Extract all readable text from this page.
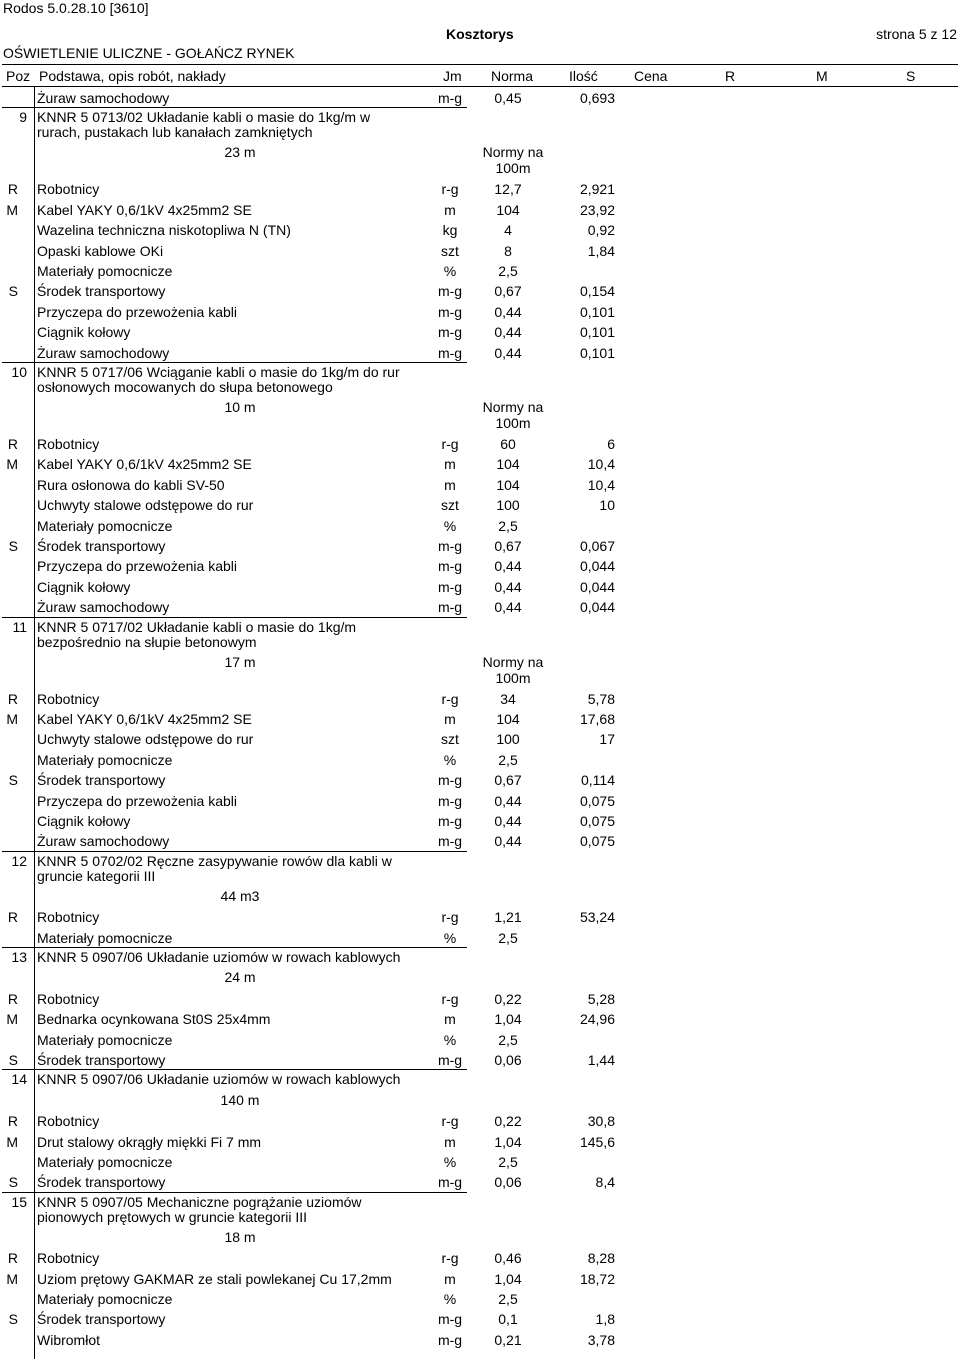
Rodos 5.0.28.10 [3610]
Kosztorys	strona 5 z 12
OŚWIETLENIE ULICZNE - GOŁAŃCZ RYNEK
Poz Podstawa, opis robót, nakłady	Jm Norma	Ilość	Cena	R	M	S
Żuraw samochodowy	m-g	0,45	0,693
9 KNNR 5 0713/02 Układanie kabli o masie do 1kg/m w
rurach, pustakach lub kanałach zamkniętych
23 m	Normy na
100m
R Robotnicy	r-g	12,7	2,921
M Kabel YAKY 0,6/1kV 4x25mm2 SE	m	104	23,92
Wazelina techniczna niskotopliwa N (TN)	kg	4	0,92
Opaski kablowe OKi	szt	8	1,84
Materiały pomocnicze	%	2,5
S Środek transportowy	m-g	0,67	0,154
Przyczepa do przewożenia kabli	m-g	0,44	0,101
Ciągnik kołowy	m-g	0,44	0,101
Żuraw samochodowy	m-g	0,44	0,101
10 KNNR 5 0717/06 Wciąganie kabli o masie do 1kg/m do rur
osłonowych mocowanych do słupa betonowego
10 m	Normy na
100m
R Robotnicy	r-g	60	6
M Kabel YAKY 0,6/1kV 4x25mm2 SE	m	104	10,4
Rura osłonowa do kabli SV-50	m	104	10,4
Uchwyty stalowe odstępowe do rur	szt	100	10
Materiały pomocnicze	%	2,5
S Środek transportowy	m-g	0,67	0,067
Przyczepa do przewożenia kabli	m-g	0,44	0,044
Ciągnik kołowy	m-g	0,44	0,044
Żuraw samochodowy	m-g	0,44	0,044
11 KNNR 5 0717/02 Układanie kabli o masie do 1kg/m
bezpośrednio na słupie betonowym
17 m	Normy na
100m
R Robotnicy	r-g	34	5,78
M Kabel YAKY 0,6/1kV 4x25mm2 SE	m	104	17,68
Uchwyty stalowe odstępowe do rur	szt	100	17
Materiały pomocnicze	%	2,5
S Środek transportowy	m-g	0,67	0,114
Przyczepa do przewożenia kabli	m-g	0,44	0,075
Ciągnik kołowy	m-g	0,44	0,075
Żuraw samochodowy	m-g	0,44	0,075
12 KNNR 5 0702/02 Ręczne zasypywanie rowów dla kabli w
gruncie kategorii III
44 m3
R Robotnicy	r-g	1,21	53,24
Materiały pomocnicze	%	2,5
13 KNNR 5 0907/06 Układanie uziomów w rowach kablowych
24 m
R Robotnicy	r-g	0,22	5,28
M Bednarka ocynkowana St0S 25x4mm	m	1,04	24,96
Materiały pomocnicze	%	2,5
S Środek transportowy	m-g	0,06	1,44
14 KNNR 5 0907/06 Układanie uziomów w rowach kablowych
140 m
R Robotnicy	r-g	0,22	30,8
M Drut stalowy okrągły miękki Fi 7 mm	m	1,04	145,6
Materiały pomocnicze	%	2,5
S Środek transportowy	m-g	0,06	8,4
15 KNNR 5 0907/05 Mechaniczne pogrążanie uziomów
pionowych prętowych w gruncie kategorii III
18 m
R Robotnicy	r-g	0,46	8,28
M Uziom prętowy GAKMAR ze stali powlekanej Cu 17,2mm	m	1,04	18,72
Materiały pomocnicze	%	2,5
S Środek transportowy	m-g	0,1	1,8
Wibromłot	m-g	0,21	3,78
